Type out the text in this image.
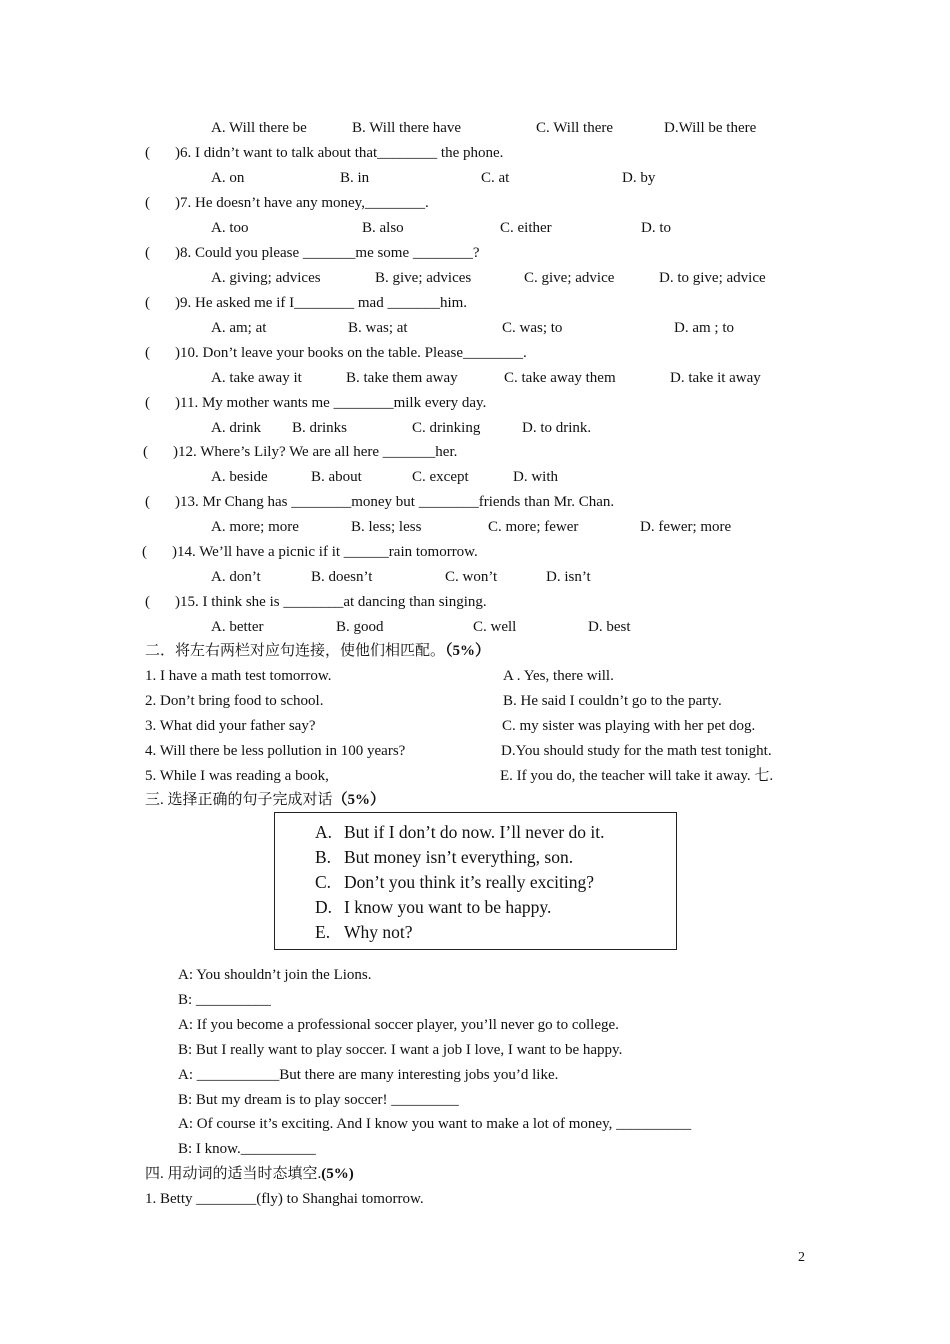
A. Will there be	B. Will there have	C. Will there	D.Will be there
( )6. I didn’t want to talk about that________ the phone.
A. on	B. in	C. at	D. by
( )7. He doesn’t have any money,________.
A. too	B. also	C. either	D. to
( )8. Could you please _______me some ________?
A. giving; advices	B. give; advices	C. give; advice	D. to give; advice
( )9. He asked me if I________ mad _______him.
A. am; at	B. was; at	C. was; to	D. am ; to
( )10. Don’t leave your books on the table. Please________.
A. take away it	B. take them away	C. take away them	D. take it away
( )11. My mother wants me ________milk every day.
A. drink B. drinks	C. drinking	D. to drink.
( )12. Where’s Lily? We are all here _______her.
A. beside	B. about	C. except	D. with
( )13. Mr Chang has ________money but ________friends than Mr. Chan.
A. more; more	B. less; less	C. more; fewer	D. fewer; more
( )14. We’ll have a picnic if it ______rain tomorrow.
A. don’t	B. doesn’t	C. won’t	D. isn’t
( )15. I think she is ________at dancing than singing.
A. better	B. good	C. well	D. best
二．将左右两栏对应句连接，使他们相匹配。（5%）
1. I have a math test tomorrow.	A . Yes, there will.
2. Don’t bring food to school.	B. He said I couldn’t go to the party.
3. What did your father say?	C. my sister was playing with her pet dog.
4. Will there be less pollution in 100 years?	D.You should study for the math test tonight.
5. While I was reading a book,	E. If you do, the teacher will take it away. 七.
三. 选择正确的句子完成对话（5%）
A. But if I don’t do now. I’ll never do it.
B. But money isn’t everything, son.
C. Don’t you think it’s really exciting?
D. I know you want to be happy.
E. Why not?
A: You shouldn’t join the Lions.
B: __________
A: If you become a professional soccer player, you’ll never go to college.
B: But I really want to play soccer. I want a job I love, I want to be happy.
A: ___________But there are many interesting jobs you’d like.
B: But my dream is to play soccer! _________
A: Of course it’s exciting. And I know you want to make a lot of money, __________
B: I know.__________
四. 用动词的适当时态填空.(5%)
1. Betty ________(fly) to Shanghai tomorrow.
2
